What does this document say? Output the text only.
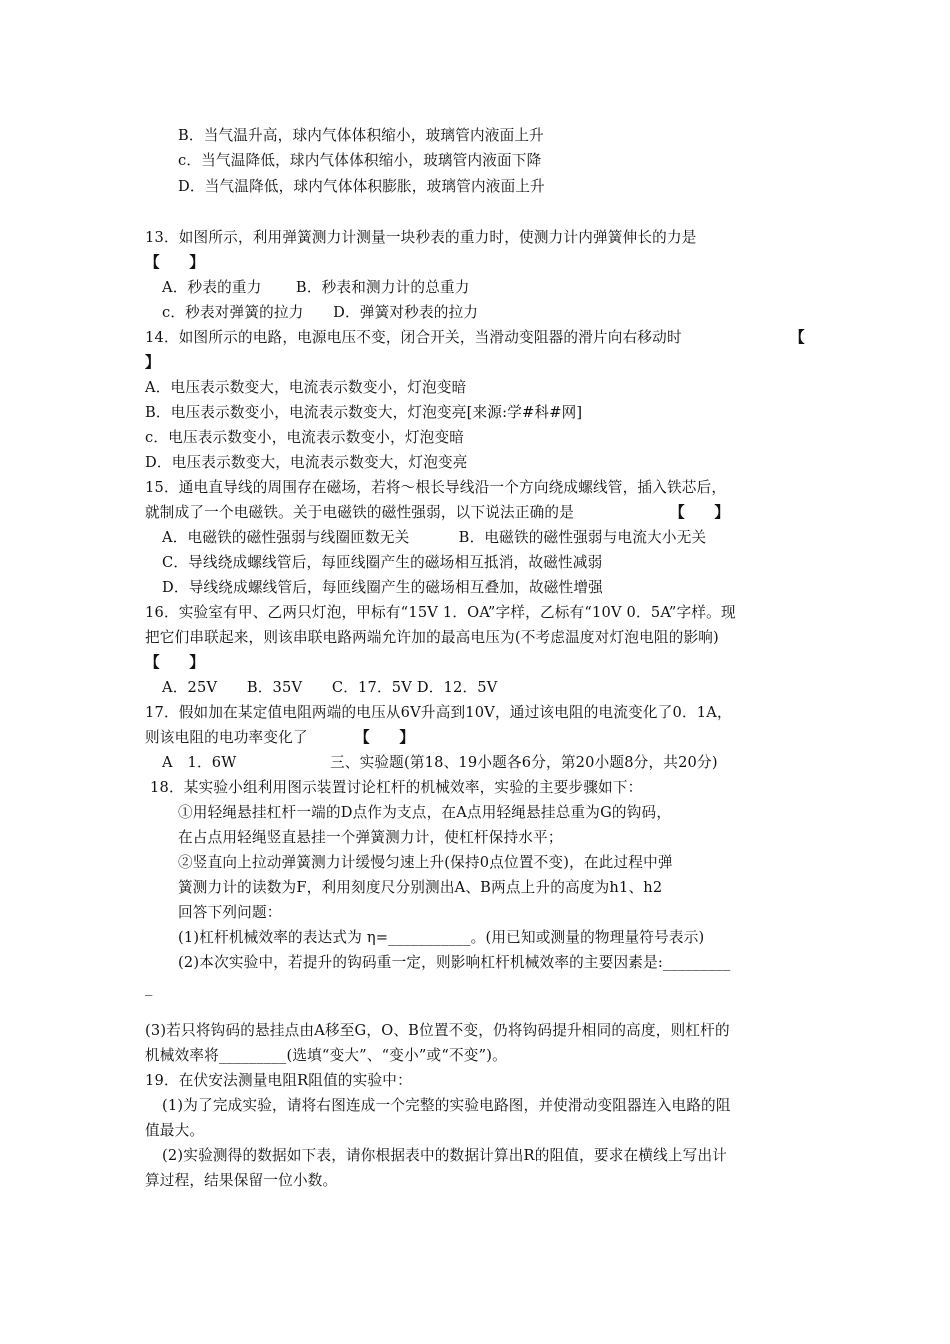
B．当气温升高，球内气体体积缩小，玻璃管内液面上升
c．当气温降低，球内气体体积缩小，玻璃管内液面下降
D．当气温降低，球内气体体积膨胀，玻璃管内液面上升
13．如图所示，利用弹簧测力计测量一块秒表的重力时，使测力计内弹簧伸长的力是
【　　】
A．秒表的重力　　 B．秒表和测力计的总重力
c．秒表对弹簧的拉力　　D．弹簧对秒表的拉力
14．如图所示的电路，电源电压不变，闭合开关，当滑动变阻器的滑片向右移动时	【
】
A．电压表示数变大，电流表示数变小，灯泡变暗
B．电压表示数变小，电流表示数变大，灯泡变亮[来源:学#科#网]
c．电压表示数变小，电流表示数变小，灯泡变暗
D．电压表示数变大，电流表示数变大，灯泡变亮
15．通电直导线的周围存在磁场，若将～根长导线沿一个方向绕成螺线管，插入铁芯后，
就制成了一个电磁铁。关于电磁铁的磁性强弱，以下说法正确的是	【　　】
A．电磁铁的磁性强弱与线圈匝数无关　　　 B．电磁铁的磁性强弱与电流大小无关
C．导线绕成螺线管后，每匝线圈产生的磁场相互抵消，故磁性减弱
D．导线绕成螺线管后，每匝线圈产生的磁场相互叠加，故磁性增强
16．实验室有甲、乙两只灯泡，甲标有“15V 1．OA”字样，乙标有“10V 0．5A”字样。现
把它们串联起来，则该串联电路两端允许加的最高电压为(不考虑温度对灯泡电阻的影响)
【　　】
A．25V　　B．35V　　C．17．5V D．12．5V
17．假如加在某定值电阻两端的电压从6V升高到10V，通过该电阻的电流变化了0．1A，
则该电阻的电功率变化了	【　　】
A　1．6W	三、实验题(第18、19小题各6分，第20小题8分，共20分)
18．某实验小组利用图示装置讨论杠杆的机械效率，实验的主要步骤如下：
①用轻绳悬挂杠杆一端的D点作为支点，在A点用轻绳悬挂总重为G的钩码，
在占点用轻绳竖直悬挂一个弹簧测力计，使杠杆保持水平；
②竖直向上拉动弹簧测力计缓慢匀速上升(保持0点位置不变)，在此过程中弹
簧测力计的读数为F，利用刻度尺分别测出A、B两点上升的高度为h1、h2
回答下列问题：
(1)杠杆机械效率的表达式为 η=___________。(用已知或测量的物理量符号表示)
(2)本次实验中，若提升的钩码重一定，则影响杠杆机械效率的主要因素是:_________
_
(3)若只将钩码的悬挂点由A移至G，O、B位置不变，仍将钩码提升相同的高度，则杠杆的
机械效率将_________(选填“变大”、“变小”或“不变”)。
19．在伏安法测量电阻R阻值的实验中：
(1)为了完成实验，请将右图连成一个完整的实验电路图，并使滑动变阻器连入电路的阻
值最大。
(2)实验测得的数据如下表，请你根据表中的数据计算出R的阻值，要求在横线上写出计
算过程，结果保留一位小数。
